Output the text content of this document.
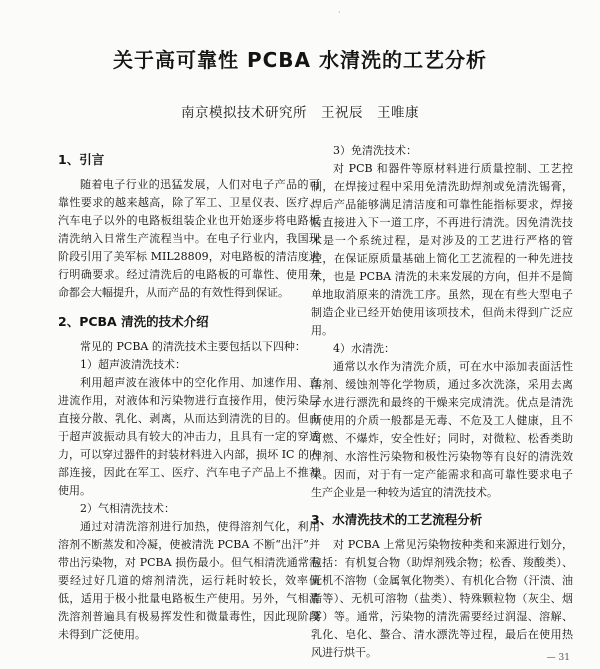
·
关于高可靠性 PCBA 水清洗的工艺分析
南京模拟技术研究所　王祝辰　王唯康
1、引言

随着电子行业的迅猛发展，人们对电子产品的可靠性要求的越来越高，除了军工、卫星仪表、医疗、汽车电子以外的电路板组装企业也开始逐步将电路板清洗纳入日常生产流程当中。在电子行业内，我国现阶段引用了美军标 MIL28809，对电路板的清洁度进行明确要求。经过清洗后的电路板的可靠性、使用寿命都会大幅提升，从而产品的有效性得到保证。

2、PCBA 清洗的技术介绍

常见的 PCBA 的清洗技术主要包括以下四种：

1）超声波清洗技术：

利用超声波在液体中的空化作用、加速作用、直进流作用，对液体和污染物进行直接作用，使污染层直接分散、乳化、剥离，从而达到清洗的目的。但由于超声波振动具有较大的冲击力，且具有一定的穿透力，可以穿过器件的封装材料进入内部，损坏 IC 的内部连接，因此在军工、医疗、汽车电子产品上不推荐使用。

2）气相清洗技术：

通过对清洗溶剂进行加热，使得溶剂气化，利用溶剂不断蒸发和冷凝，使被清洗 PCBA 不断“出汗”并带出污染物，对 PCBA 损伤最小。但气相清洗通常需要经过好几道的熔剂清洗，运行耗时较长，效率偏低，适用于极小批量电路板生产使用。另外，气相清洗溶剂普遍具有极易挥发性和微量毒性，因此现阶段未得到广泛使用。

3）免清洗技术：

对 PCB 和器件等原材料进行质量控制、工艺控制，在焊接过程中采用免清洗助焊剂或免清洗锡膏，焊后产品能够满足清洁度和可靠性能指标要求，焊接后直接进入下一道工序，不再进行清洗。因免清洗技术是一个系统过程，是对涉及的工艺进行严格的管控，在保证原质量基础上简化工艺流程的一种先进技术，也是 PCBA 清洗的未来发展的方向，但并不是简单地取消原来的清洗工序。虽然，现在有些大型电子制造企业已经开始使用该项技术，但尚未得到广泛应用。

4）水清洗：

通常以水作为清洗介质，可在水中添加表面活性溶剂、缓蚀剂等化学物质，通过多次洗涤，采用去离子水进行漂洗和最终的干燥来完成清洗。优点是清洗所使用的介质一般都是无毒、不危及工人健康，且不可燃、不爆炸，安全性好；同时，对微粒、松香类助焊剂、水溶性污染物和极性污染物等有良好的清洗效果。因而，对于有一定产能需求和高可靠性要求电子生产企业是一种较为适宜的清洗技术。

3、水清洗技术的工艺流程分析

对 PCBA 上常见污染物按种类和来源进行划分，包括：有机复合物（助焊剂残余物；松香、羧酸类）、无机不溶物（金属氧化物类）、有机化合物（汗渍、油脂等）、无机可溶物（盐类）、特殊颗粒物（灰尘、烟雾）等。通常，污染物的清洗需要经过润湿、溶解、乳化、皂化、螯合、清水漂洗等过程，最后在使用热风进行烘干。	— 31
